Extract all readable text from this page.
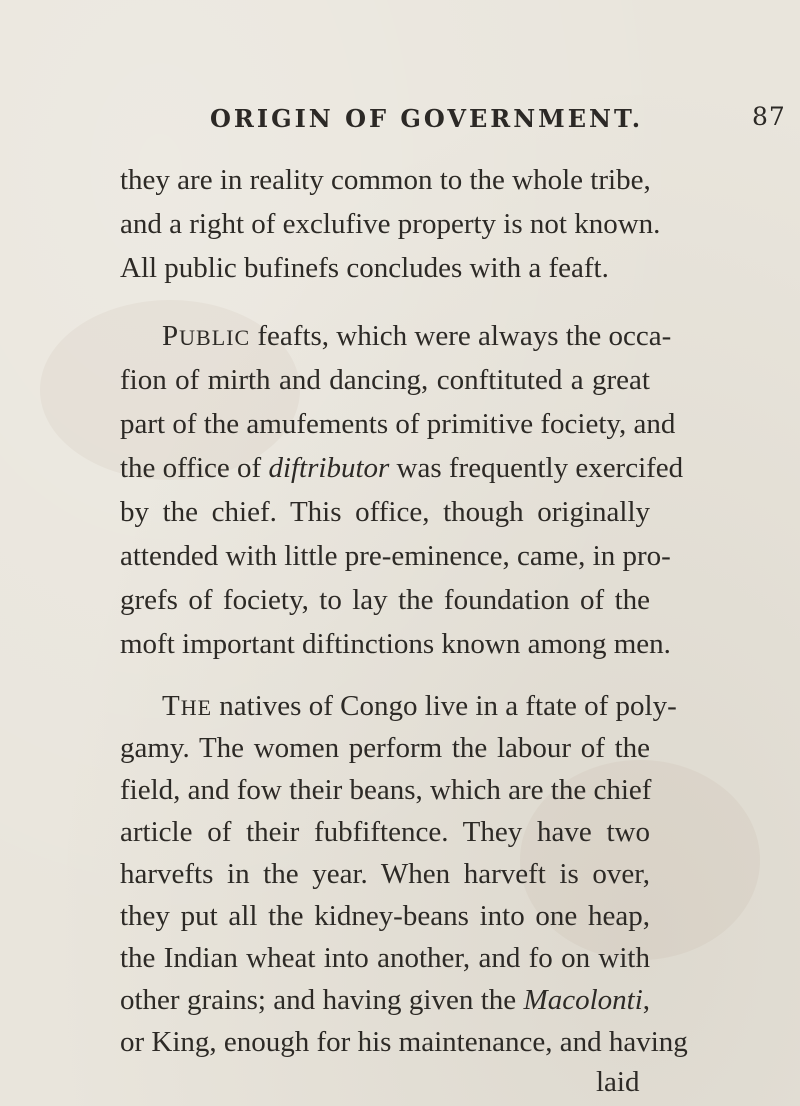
ORIGIN OF GOVERNMENT.	87
they are in reality common to the whole tribe,
and a right of exclufive property is not known.
All public bufinefs concludes with a feaft.
PUBLIC feafts, which were always the occa-
fion of mirth and dancing, conftituted a great
part of the amufements of primitive fociety, and
the office of diftributor was frequently exercifed
by the chief. This office, though originally
attended with little pre-eminence, came, in pro-
grefs of fociety, to lay the foundation of the
moft important diftinctions known among men.
THE natives of Congo live in a ftate of poly-
gamy. The women perform the labour of the
field, and fow their beans, which are the chief
article of their fubfiftence. They have two
harvefts in the year. When harveft is over,
they put all the kidney-beans into one heap,
the Indian wheat into another, and fo on with
other grains; and having given the Macolonti,
or King, enough for his maintenance, and having
laid
